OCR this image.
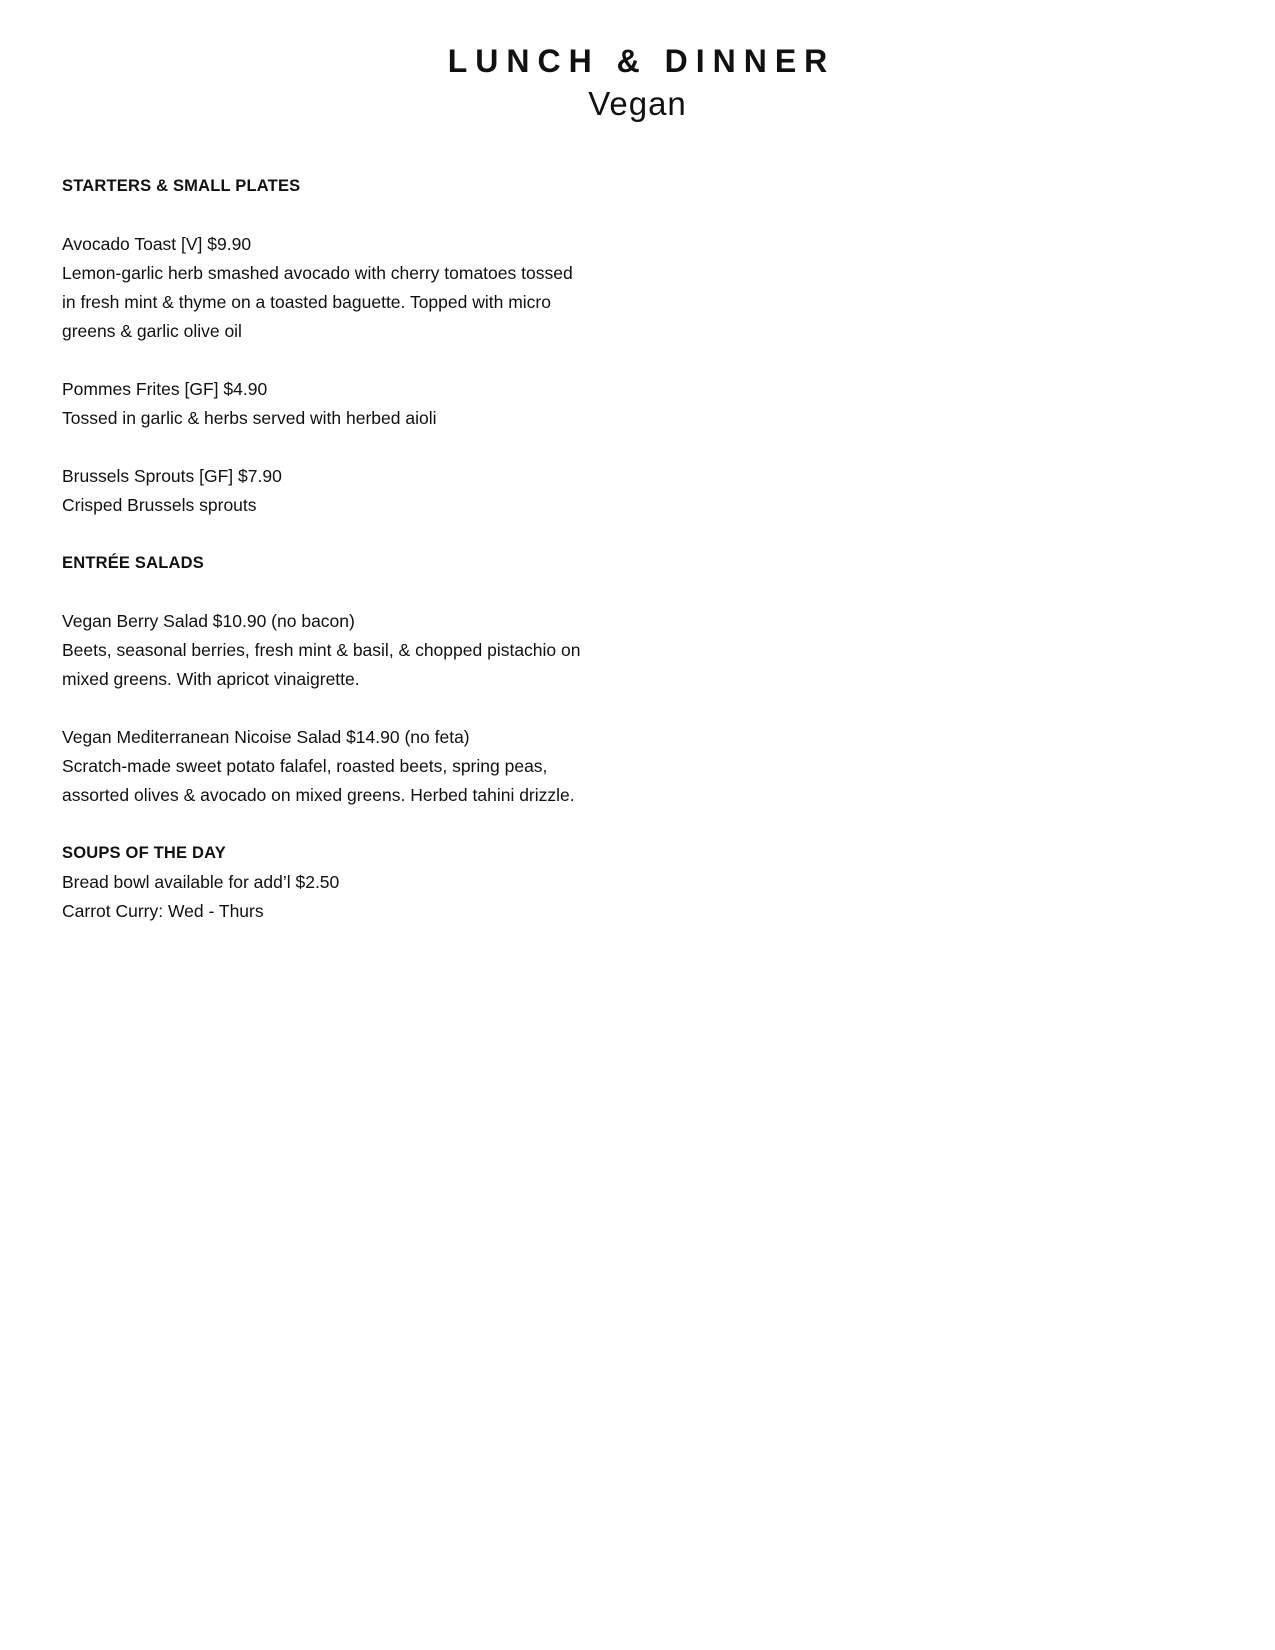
LUNCH & DINNER
Vegan

STARTERS & SMALL PLATES

Avocado Toast [V] $9.90
Lemon-garlic herb smashed avocado with cherry tomatoes tossed
in fresh mint & thyme on a toasted baguette. Topped with micro
greens & garlic olive oil
Pommes Frites [GF] $4.90
Tossed in garlic & herbs served with herbed aioli
Brussels Sprouts [GF] $7.90
Crisped Brussels sprouts

ENTRÉE SALADS

Vegan Berry Salad $10.90 (no bacon)
Beets, seasonal berries, fresh mint & basil, & chopped pistachio on
mixed greens. With apricot vinaigrette.
Vegan Mediterranean Nicoise Salad $14.90 (no feta)
Scratch-made sweet potato falafel, roasted beets, spring peas,
assorted olives & avocado on mixed greens. Herbed tahini drizzle.

SOUPS OF THE DAY

Bread bowl available for add’l $2.50
Carrot Curry: Wed - Thurs
